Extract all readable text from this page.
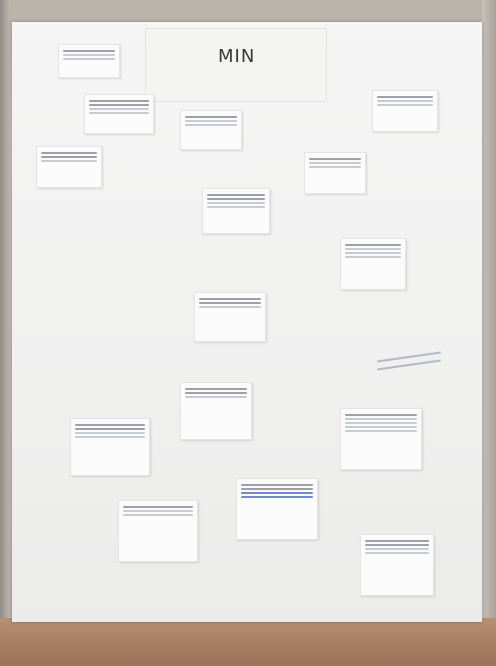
MIN
